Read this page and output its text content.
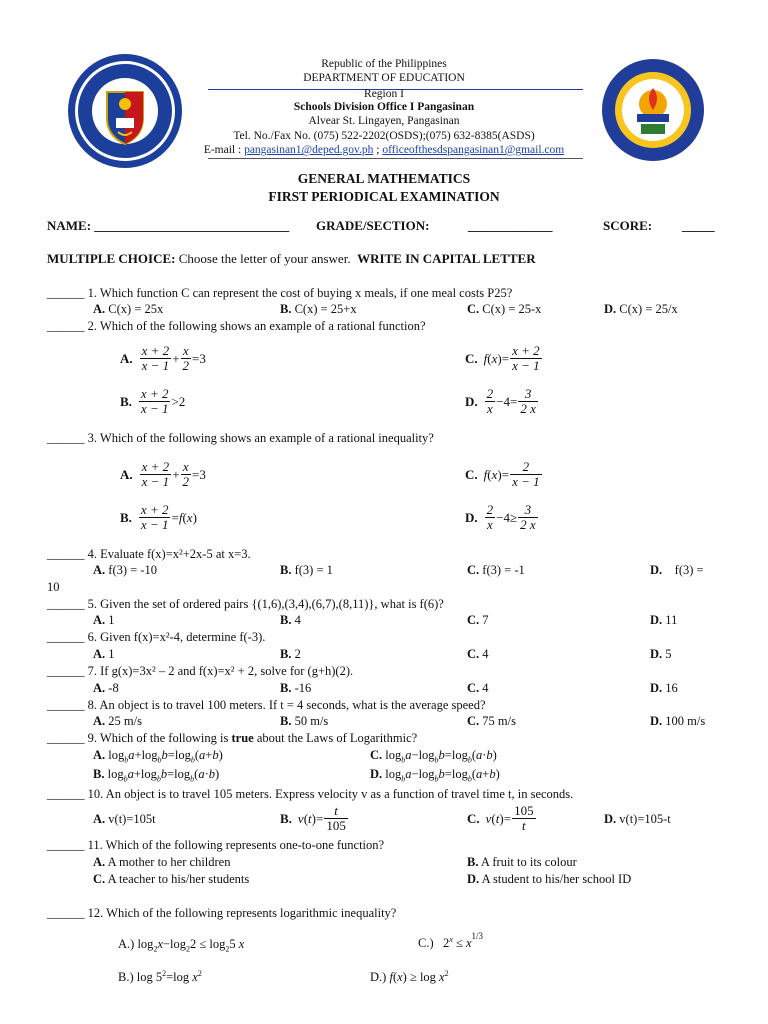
Republic of the Philippines
DEPARTMENT OF EDUCATION
Region I
Schools Division Office I Pangasinan
Alvear St. Lingayen, Pangasinan
Tel. No./Fax No. (075) 522-2202(OSDS);(075) 632-8385(ASDS)
E-mail : pangasinan1@deped.gov.ph ; officeofthesdspangasinan1@gmail.com
GENERAL MATHEMATICS
FIRST PERIODICAL EXAMINATION
NAME: ______________________________ GRADE/SECTION:	_____________	SCORE: _____
MULTIPLE CHOICE: Choose the letter of your answer. WRITE IN CAPITAL LETTER
______ 1. Which function C can represent the cost of buying x meals, if one meal costs P25?
A. C(x) = 25x	B. C(x) = 25+x	C. C(x) = 25-x	D. C(x) = 25/x
______ 2. Which of the following shows an example of a rational function?
A. $\frac{x + 2}{x - 1} + \frac{x}{2} =3$	C. f ( x )= $\frac{x + 2}{x - 1}$
B. $\frac{x + 2}{x - 1} >2$	D. $\frac{2}{x} -4= \frac{3}{2 x}$
______ 3. Which of the following shows an example of a rational inequality?
A. $\frac{x + 2}{x - 1} + \frac{x}{2} =3$	C. f ( x )= $\frac{2}{x - 1}$
B. $\frac{x + 2}{x - 1} = f$ ( x )	D. $\frac{2}{x} -4\ge \frac{3}{2 x}$
______ 4. Evaluate f(x)=x²+2x-5 at x=3.
A. f(3) = -10	B. f(3) = 1	C. f(3) = -1	D. f(3) =
10
______ 5. Given the set of ordered pairs {(1,6),(3,4),(6,7),(8,11)}, what is f(6)?
A. 1	B. 4	C. 7	D. 11
______ 6. Given f(x)=x²-4, determine f(-3).
A. 1	B. 2	C. 4	D. 5
______ 7. If g(x)=3x² – 2 and f(x)=x² + 2, solve for (g+h)(2).
A. -8	B. -16	C. 4	D. 16
______ 8. An object is to travel 100 meters. If t = 4 seconds, what is the average speed?
A. 25 m/s	B. 50 m/s	C. 75 m/s	D. 100 m/s
______ 9. Which of the following is true about the Laws of Logarithmic?
A. $\log_ba+\log_bb=\log_b(a+b)$	C. $\log_ba-\log_bb=\log_b(a\cdot b)$
B. $\log_ba+\log_bb=\log_b(a\cdot b)$	D. $\log_ba-\log_bb=\log_b(a+b)$
______ 10. An object is to travel 105 meters. Express velocity v as a function of travel time t, in seconds.
A. v(t)=105t	B. v ( t )= $\frac{t}{105}$	C. v ( t )= $\frac{105}{t}$	D. v(t)=105-t
______ 11. Which of the following represents one-to-one function?
A. A mother to her children	B. A fruit to its colour
C. A teacher to his/her students	D. A student to his/her school ID
______ 12. Which of the following represents logarithmic inequality?
A.) $\log_2x-\log_22 \le \log_25$ x	C.)   $2^x \le x^{1/3}$
B.) $\log 5^2=\log$ $x^2$	D.) $f(x) \ge \log x^2$
